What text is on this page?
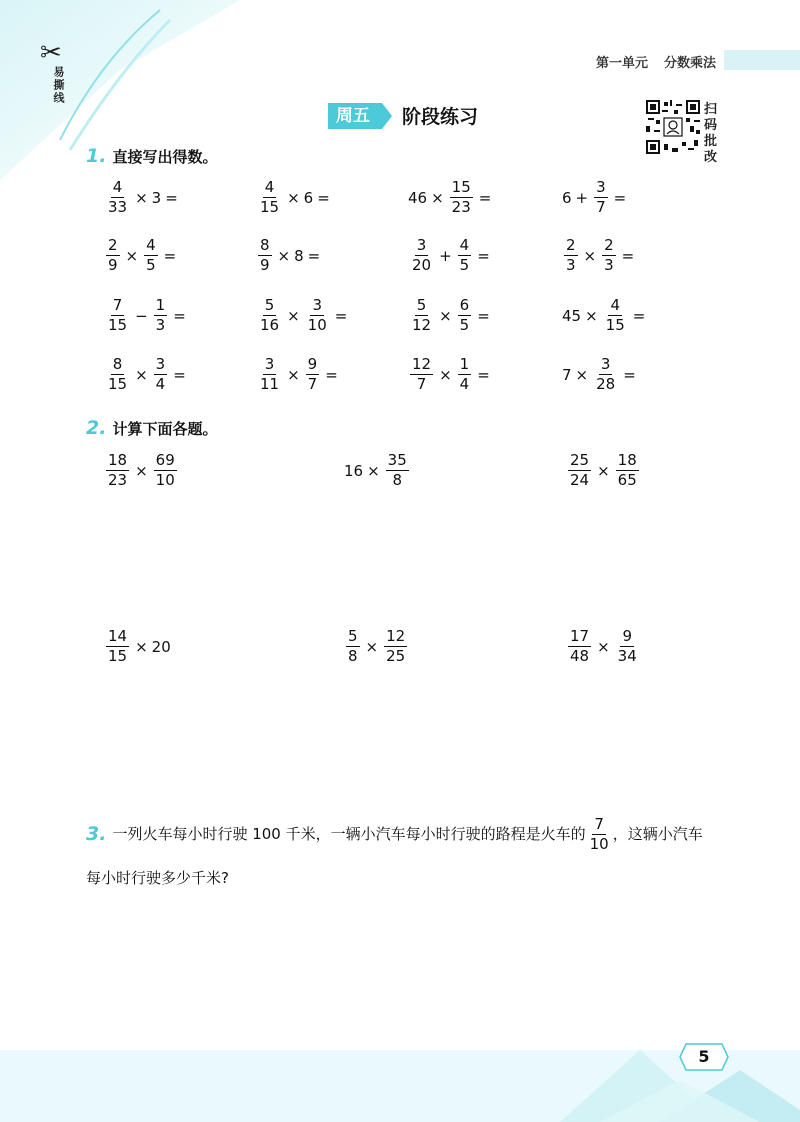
✂
易撕线
第一单元 分数乘法
周五	阶段练习	扫码批改
1. 直接写出得数。
$\frac{4}{33} \times 3$ =	$\frac{4}{15} \times 6$ =	$46 \times \frac{15}{23}$ =	$6 + \frac{3}{7}$ =
$\frac{2}{9} \times \frac{4}{5}$ =	$\frac{8}{9} \times 8$ =	$\frac{3}{20} + \frac{4}{5}$ =	$\frac{2}{3} \times \frac{2}{3}$ =
$\frac{7}{15} - \frac{1}{3}$ =	$\frac{5}{16} \times \frac{3}{10}$ =	$\frac{5}{12} \times \frac{6}{5}$ =	$45 \times \frac{4}{15}$ =
$\frac{8}{15} \times \frac{3}{4}$ =	$\frac{3}{11} \times \frac{9}{7}$ =	$\frac{12}{7} \times \frac{1}{4}$ =	$7 \times \frac{3}{28}$ =
2. 计算下面各题。
$\frac{18}{23} \times \frac{69}{10}$	$16 \times \frac{35}{8}$	$\frac{25}{24} \times \frac{18}{65}$
$\frac{14}{15} \times 20$	$\frac{5}{8} \times \frac{12}{25}$	$\frac{17}{48} \times \frac{9}{34}$
3. 一列火车每小时行驶 100 千米，一辆小汽车每小时行驶的路程是火车的 $\frac{7}{10}$ ，这辆小汽车
每小时行驶多少千米?
5
